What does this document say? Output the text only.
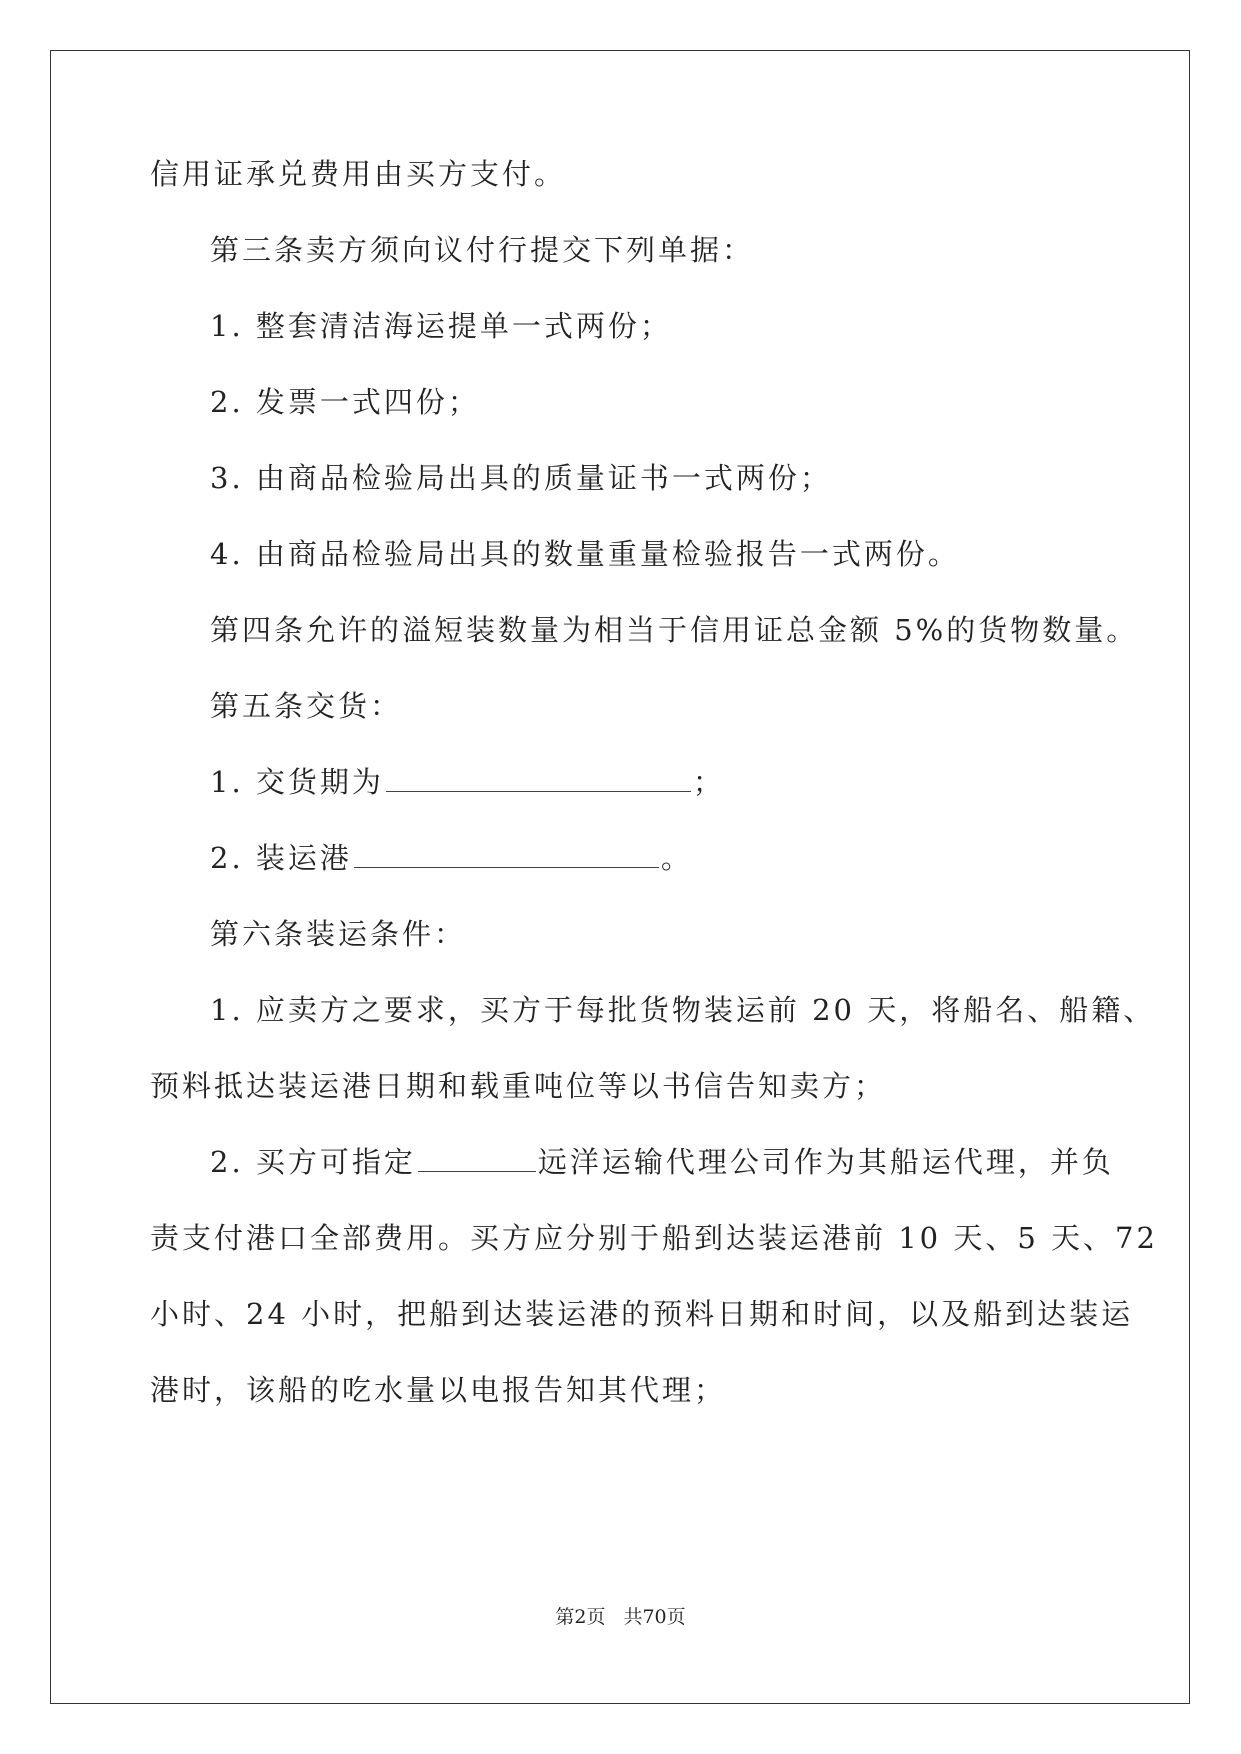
信用证承兑费用由买方支付。
第三条卖方须向议付行提交下列单据：
1. 整套清洁海运提单一式两份；
2. 发票一式四份；
3. 由商品检验局出具的质量证书一式两份；
4. 由商品检验局出具的数量重量检验报告一式两份。
第四条允许的溢短装数量为相当于信用证总金额 5%的货物数量。
第五条交货：
1. 交货期为	；
2. 装运港	。
第六条装运条件：
1. 应卖方之要求，买方于每批货物装运前 20 天，将船名、船籍、
预料抵达装运港日期和载重吨位等以书信告知卖方；
2. 买方可指定	远洋运输代理公司作为其船运代理，并负
责支付港口全部费用。买方应分别于船到达装运港前 10 天、5 天、72
小时、24 小时，把船到达装运港的预料日期和时间，以及船到达装运
港时，该船的吃水量以电报告知其代理；
第2页 共70页
